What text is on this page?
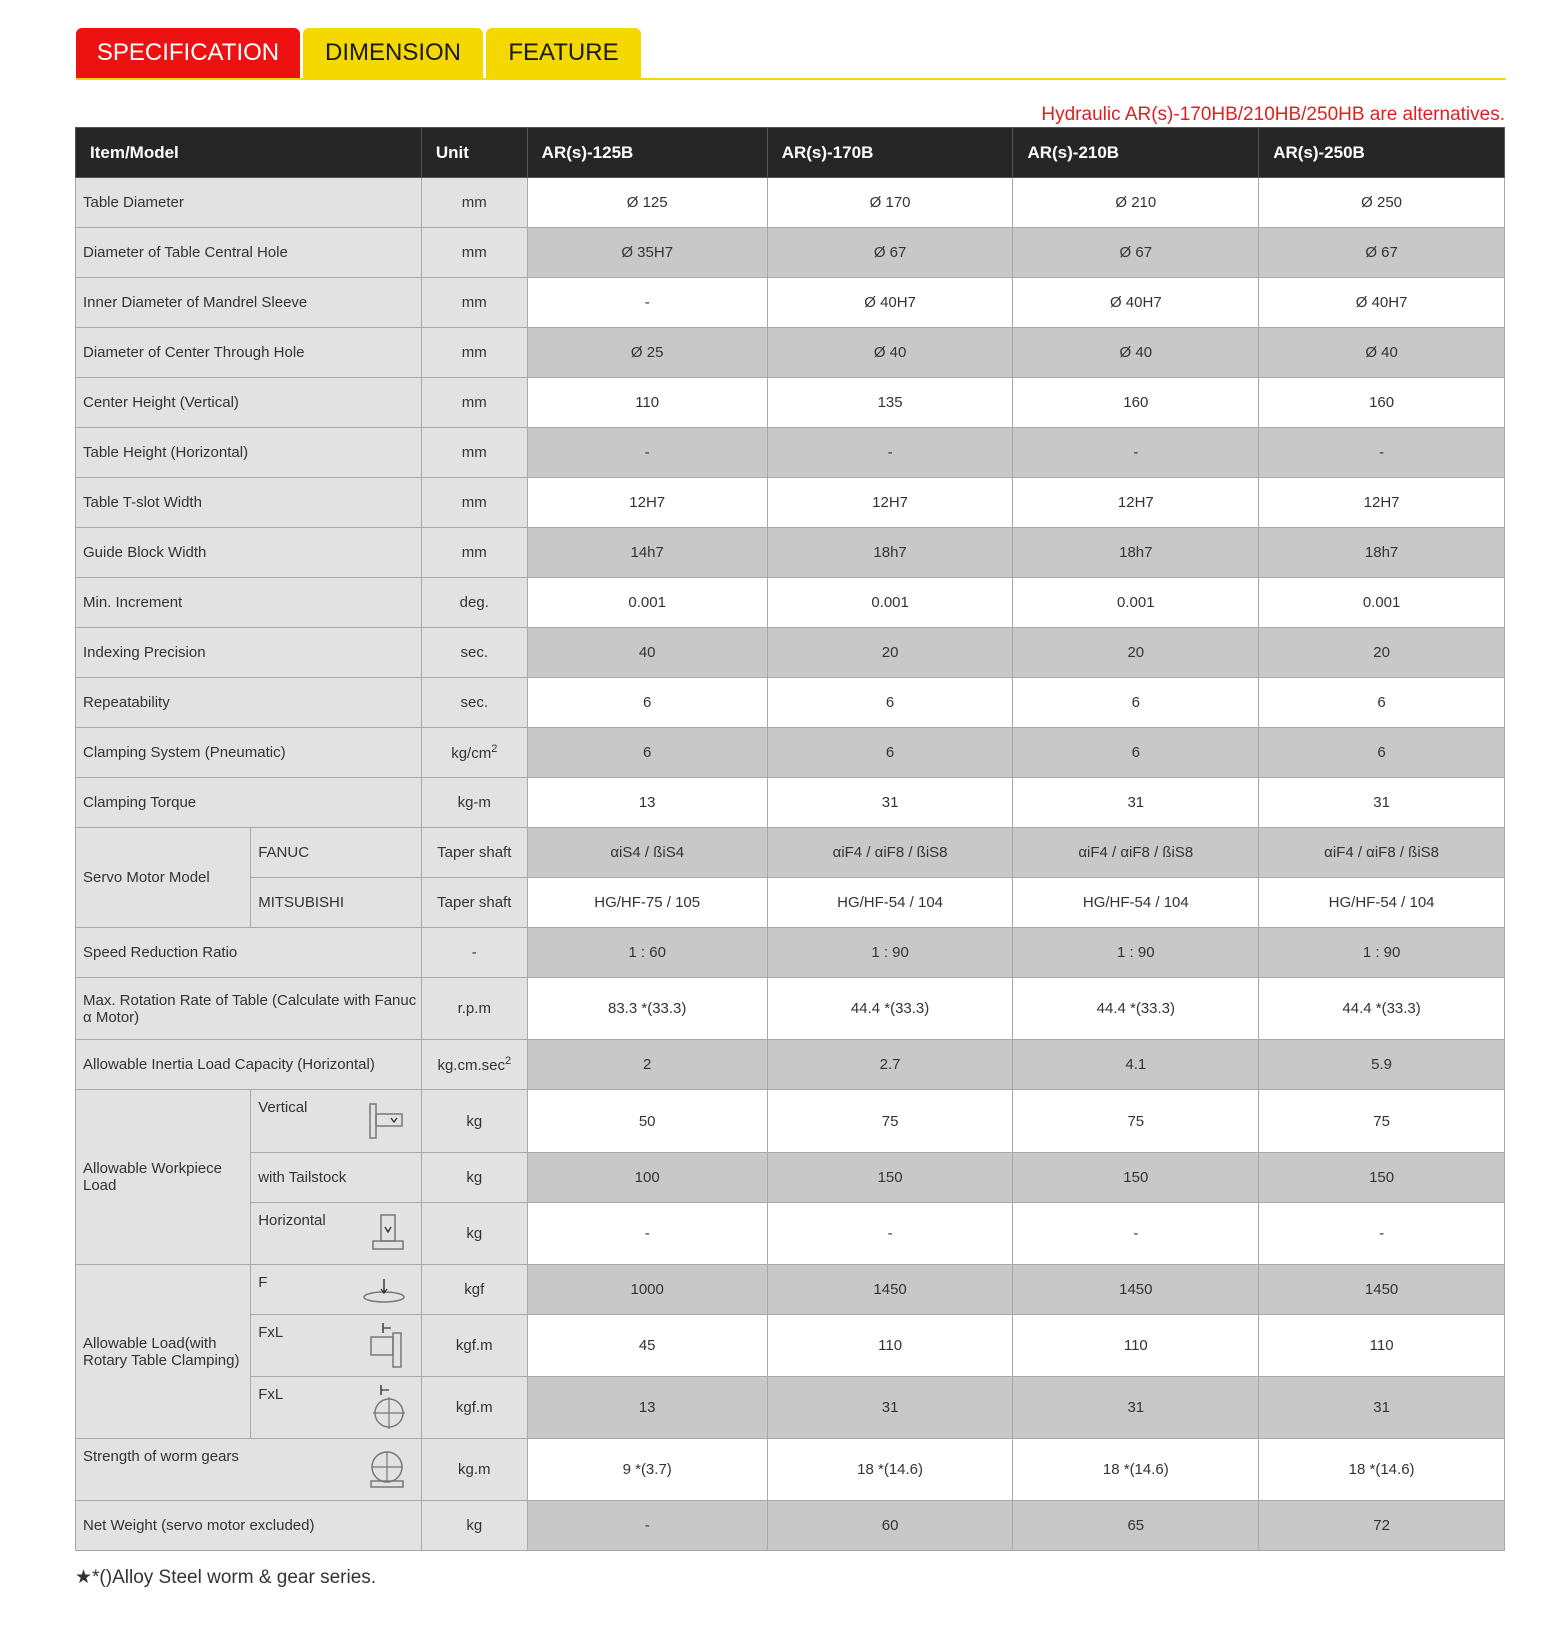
SPECIFICATION	DIMENSION	FEATURE
Hydraulic AR(s)-170HB/210HB/250HB are alternatives.
Item/Model		Unit	AR(s)-125B	AR(s)-170B	AR(s)-210B	AR(s)-250B
Table Diameter		mm	Ø 125	Ø 170	Ø 210	Ø 250
Diameter of Table Central Hole		mm	Ø 35H7	Ø 67	Ø 67	Ø 67
Inner Diameter of Mandrel Sleeve		mm	-	Ø 40H7	Ø 40H7	Ø 40H7
Diameter of Center Through Hole		mm	Ø 25	Ø 40	Ø 40	Ø 40
Center Height (Vertical)		mm	110	135	160	160
Table Height (Horizontal)		mm	-	-	-	-
Table T-slot Width		mm	12H7	12H7	12H7	12H7
Guide Block Width		mm	14h7	18h7	18h7	18h7
Min. Increment		deg.	0.001	0.001	0.001	0.001
Indexing Precision		sec.	40	20	20	20
Repeatability		sec.	6	6	6	6
Clamping System (Pneumatic)		$kg/cm^2$	6	6	6	6
Clamping Torque		kg-m	13	31	31	31
Servo Motor Model	FANUC	Taper shaft	αiS4 / ßiS4	αiF4 / αiF8 / ßiS8	αiF4 / αiF8 / ßiS8	αiF4 / αiF8 / ßiS8
	MITSUBISHI	Taper shaft	HG/HF-75 / 105	HG/HF-54 / 104	HG/HF-54 / 104	HG/HF-54 / 104
Speed Reduction Ratio		-	1 : 60	1 : 90	1 : 90	1 : 90
Max. Rotation Rate of Table (Calculate with Fanuc α Motor)		r.p.m	83.3 *(33.3)	44.4 *(33.3)	44.4 *(33.3)	44.4 *(33.3)
Allowable Inertia Load Capacity (Horizontal)		$kg.cm.\sec^2$	2	2.7	4.1	5.9
Allowable Workpiece Load	Vertical	kg	50	75	75	75
	with Tailstock	kg	100	150	150	150

	Horizontal	kg	-	-	-	-
Allowable Load(with Rotary Table Clamping)	F	kgf	1000	1450	1450	1450

	FxL	kgf.m	45	110	110	110

	FxL	kgf.m	13	31	31	31

Strength of worm gears		kg.m	9 *(3.7)	18 *(14.6)	18 *(14.6)	18 *(14.6)
Net Weight (servo motor excluded)		kg	-	60	65	72
★*()Alloy Steel worm & gear series.
